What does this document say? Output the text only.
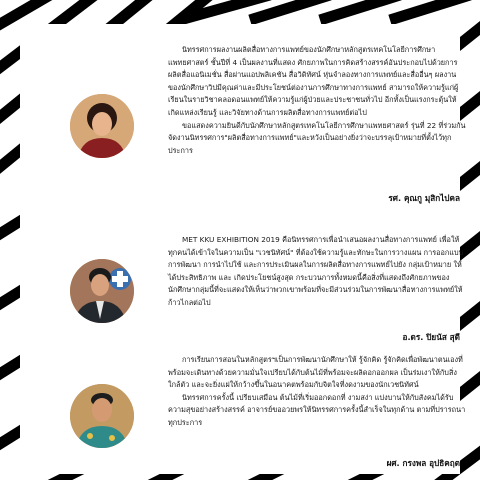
นิทรรศการผลงานผลิตสื่อทางการแพทย์ของนักศึกษาหลักสูตรเทคโนโลยีการศึกษาแพทยศาสตร์ ชั้นปีที่ 4 เป็นผลงานที่แสดง ศักยภาพในการคิดสร้างสรรค์อันประกอบไปด้วยการผลิตสื่อแอนิเมชั่น สื่อผ่านแอปพลิเคชัน สื่อวิดิทัศน์ หุ่นจำลองทางการแพทย์และสื่ออื่นๆ ผลงานของนักศึกษาวิปมีคุณค่าและมีประโยชน์ต่องานการศึกษาทางการแพทย์ สามารถให้ความรู้แก่ผู้เรียนในรายวิชาคลอดอนแพทย์ให้ความรู้แก่ผู้ป่วยและประชาชนทั่วไป อีกทั้งเป็นแรงกระตุ้นให้เกิดแหล่งเรียนรู้ และวิจัยทางด้านการผลิตสื่อทางการแพทย์ต่อไป

ขอแสดงความยินดีกับนักศึกษาหลักสูตรเทคโนโลยีการศึกษาแพทยศาสตร์ รุ่นที่ 22 ที่ร่วมกันจัดงานนิทรรศการ"ผลิตสื่อทางการแพทย์"และหวังเป็นอย่างยิ่งว่าจะบรรลุเป้าหมายที่ตั้งไว้ทุกประการ

รศ. คุณกู มุสิกไปคล

MET KKU EXHIBITION 2019 คือนิทรรศการเพื่อนำเสนอผลงานสื่อทางการแพทย์ เพื่อให้ทุกคนได้เข้าใจในความเป็น "เวชนิทัศน์" ที่ต้องใช้ความรู้และทักษะในการวางแผน การออกแบบ การพัฒนา การนำไปใช้ และการประเมินผลในการผลิตสื่อทางการแพทย์ไปยัง กลุ่มเป้าหมาย ให้ได้ประสิทธิภาพ และ เกิดประโยชน์สูงสุด กระบวนการทั้งหมดนี้คือสิ่งที่แสดงถึงศักยภาพของนักศึกษากลุ่มนี้ที่จะแสดงให้เห็นว่าพวกเขาพร้อมที่จะมีส่วนร่วมในการพัฒนาสื่อทางการแพทย์ให้ก้าวไกลต่อไป

อ.ดร. ปิยนัส สุดี

การเรียนการสอนในหลักสูตรฯเป็นการพัฒนานักศึกษาให้ รู้จักคิด รู้จักคิดเพื่อพัฒนาตนเองที่พร้อมจะเดินทางด้วยความมั่นใจเปรียบได้กับต้นไม้ที่พร้อมจะผลิดอกออกผล เป็นร่มเงาให้กับสิ่งใกล้ตัว และจะยิ่งแผ่ให้กว้างขึ้นในอนาคตพร้อมกับจิตใจที่งดงามของนักเวชนิทัศน์

นิทรรศการครั้งนี้ เปรียบเสมือน ต้นไม้ที่เริ่มออกดอกที่ งามสง่า แบ่งบานให้กับสังคมได้รับความสุขอย่างสร้างสรรค์ อาจารย์ขออวยพรให้นิทรรศการครั้งนี้สำเร็จในทุกด้าน ตามที่ปรารถนาทุกประการ

ผศ. กรงพล อุปธิคฤต
